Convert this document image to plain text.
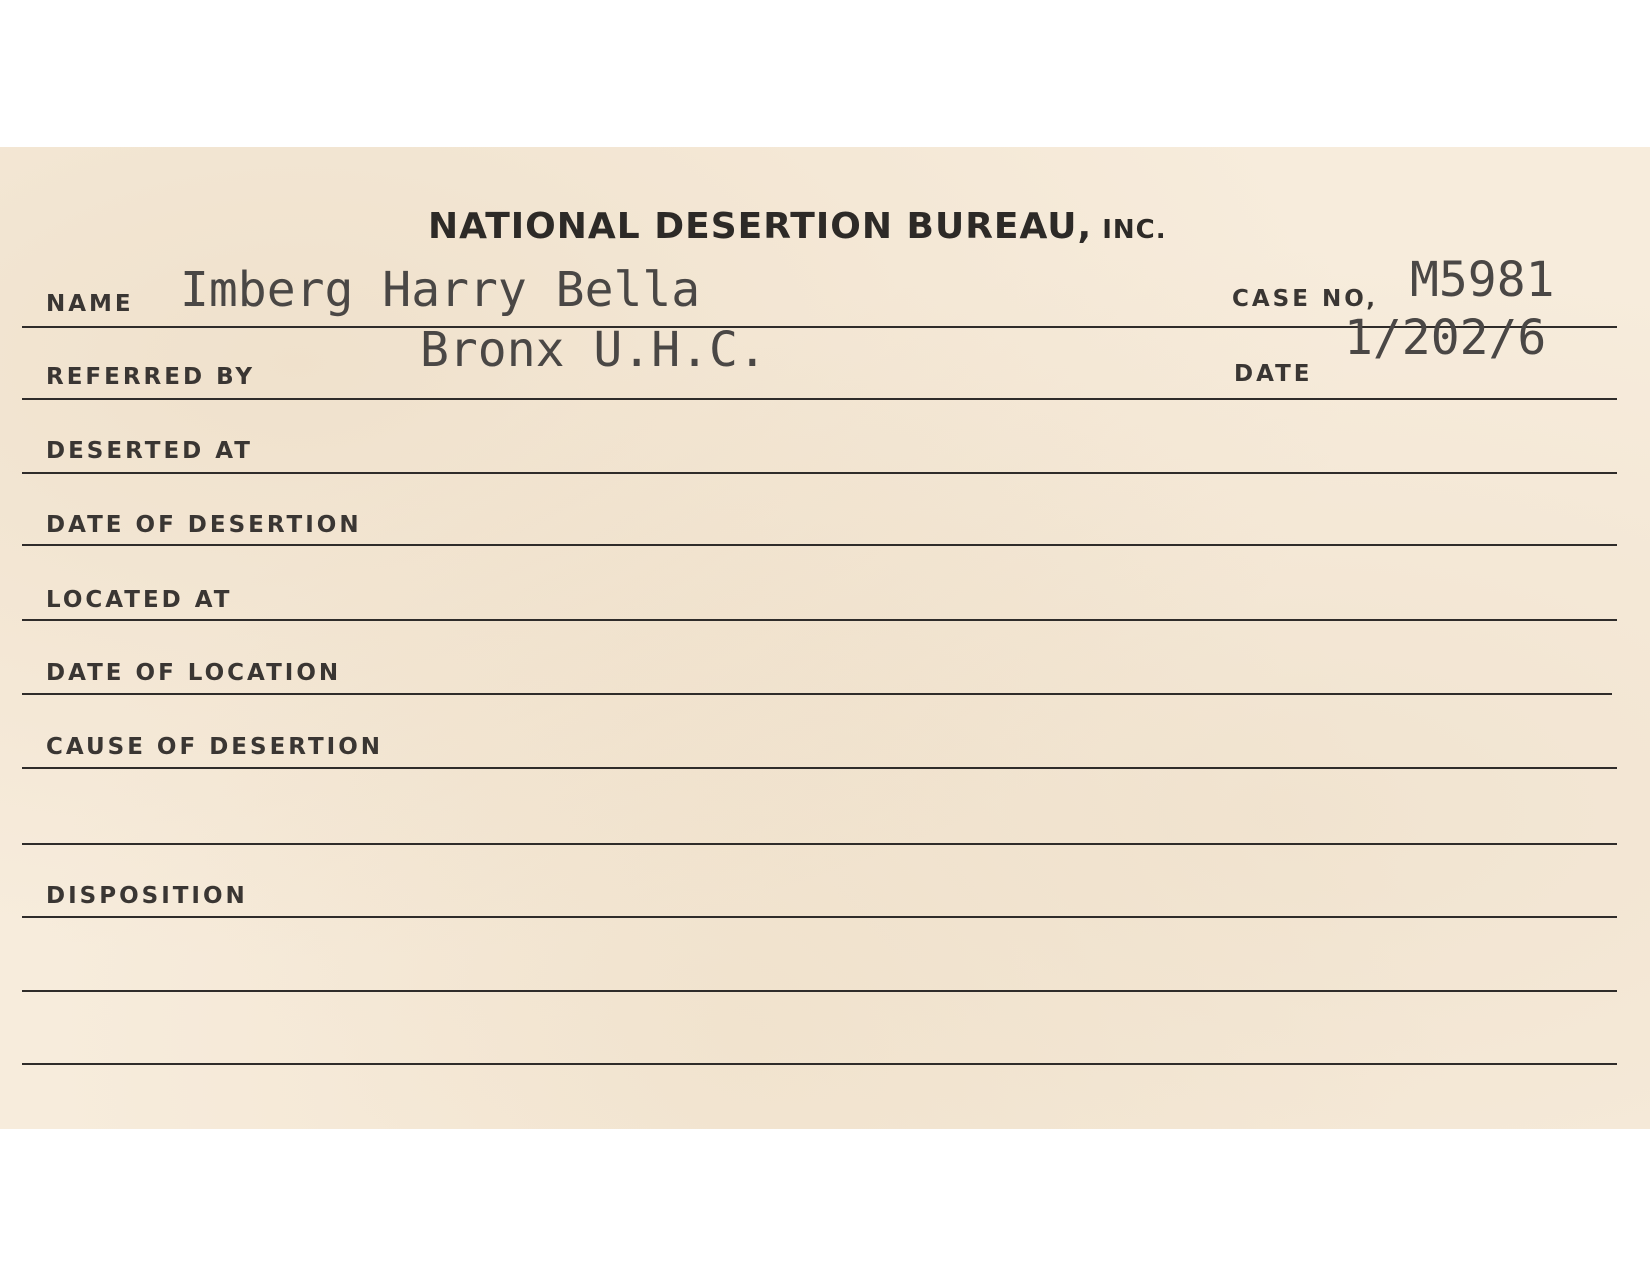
NATIONAL DESERTION BUREAU, INC.
NAME Imberg Harry Bella	CASE NO, M5981
Bronx U.H.C.
REFERRED BY	DATE
1/202/6
DESERTED AT
DATE OF DESERTION
LOCATED AT
DATE OF LOCATION
CAUSE OF DESERTION
DISPOSITION
